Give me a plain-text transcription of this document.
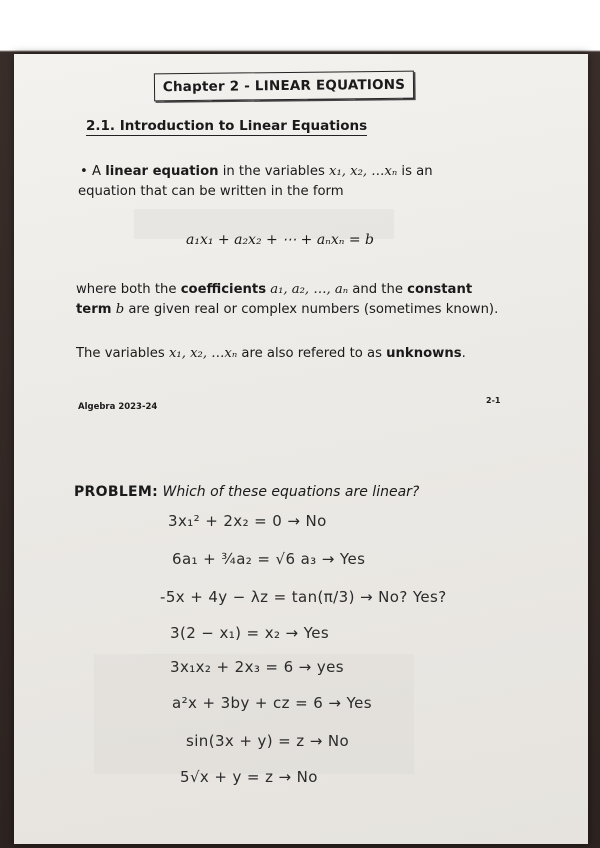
Chapter 2 - LINEAR EQUATIONS
2.1. Introduction to Linear Equations
• A linear equation in the variables x₁, x₂, …xₙ is an
equation that can be written in the form
a₁x₁ + a₂x₂ + ⋯ + aₙxₙ = b
where both the coefficients a₁, a₂, …, aₙ and the constant
term b are given real or complex numbers (sometimes known).
The variables x₁, x₂, …xₙ are also refered to as unknowns.
Algebra 2023-24
2-1
PROBLEM: Which of these equations are linear?
3x₁² + 2x₂ = 0 → No
6a₁ + ¾a₂ = √6 a₃ → Yes
-5x + 4y − λz = tan(π/3) → No? Yes?
3(2 − x₁) = x₂ → Yes
3x₁x₂ + 2x₃ = 6 → yes
a²x + 3by + cz = 6 → Yes
sin(3x + y) = z → No
5√x + y = z → No
